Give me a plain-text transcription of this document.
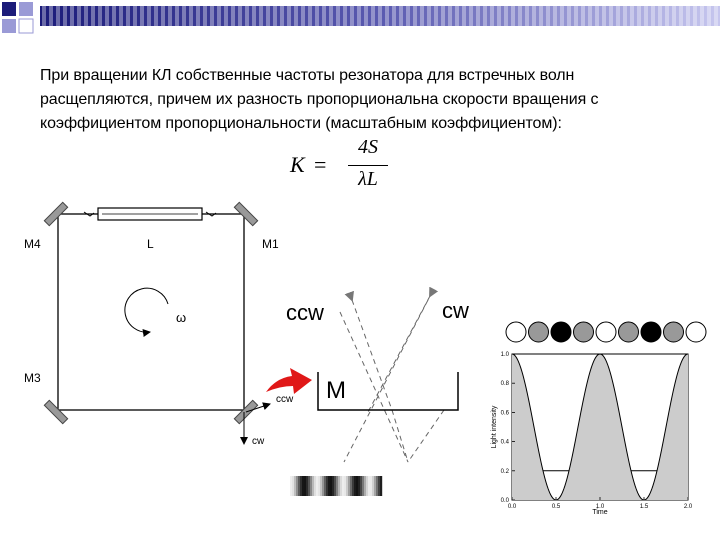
При вращении КЛ собственные частоты резонатора для встречных волн расщепляются, причем их разность пропорциональна скорости вращения с коэффициентом пропорциональности (масштабным коэффициентом):
K =
4S
λL
M4	L	M1
M3
ω
ccw
cw
ccw	cw
M
Time
Light intensity
0.0	0.5	1.0	1.5	2.0
0.0
0.2
0.4
0.6
0.8
1.0
